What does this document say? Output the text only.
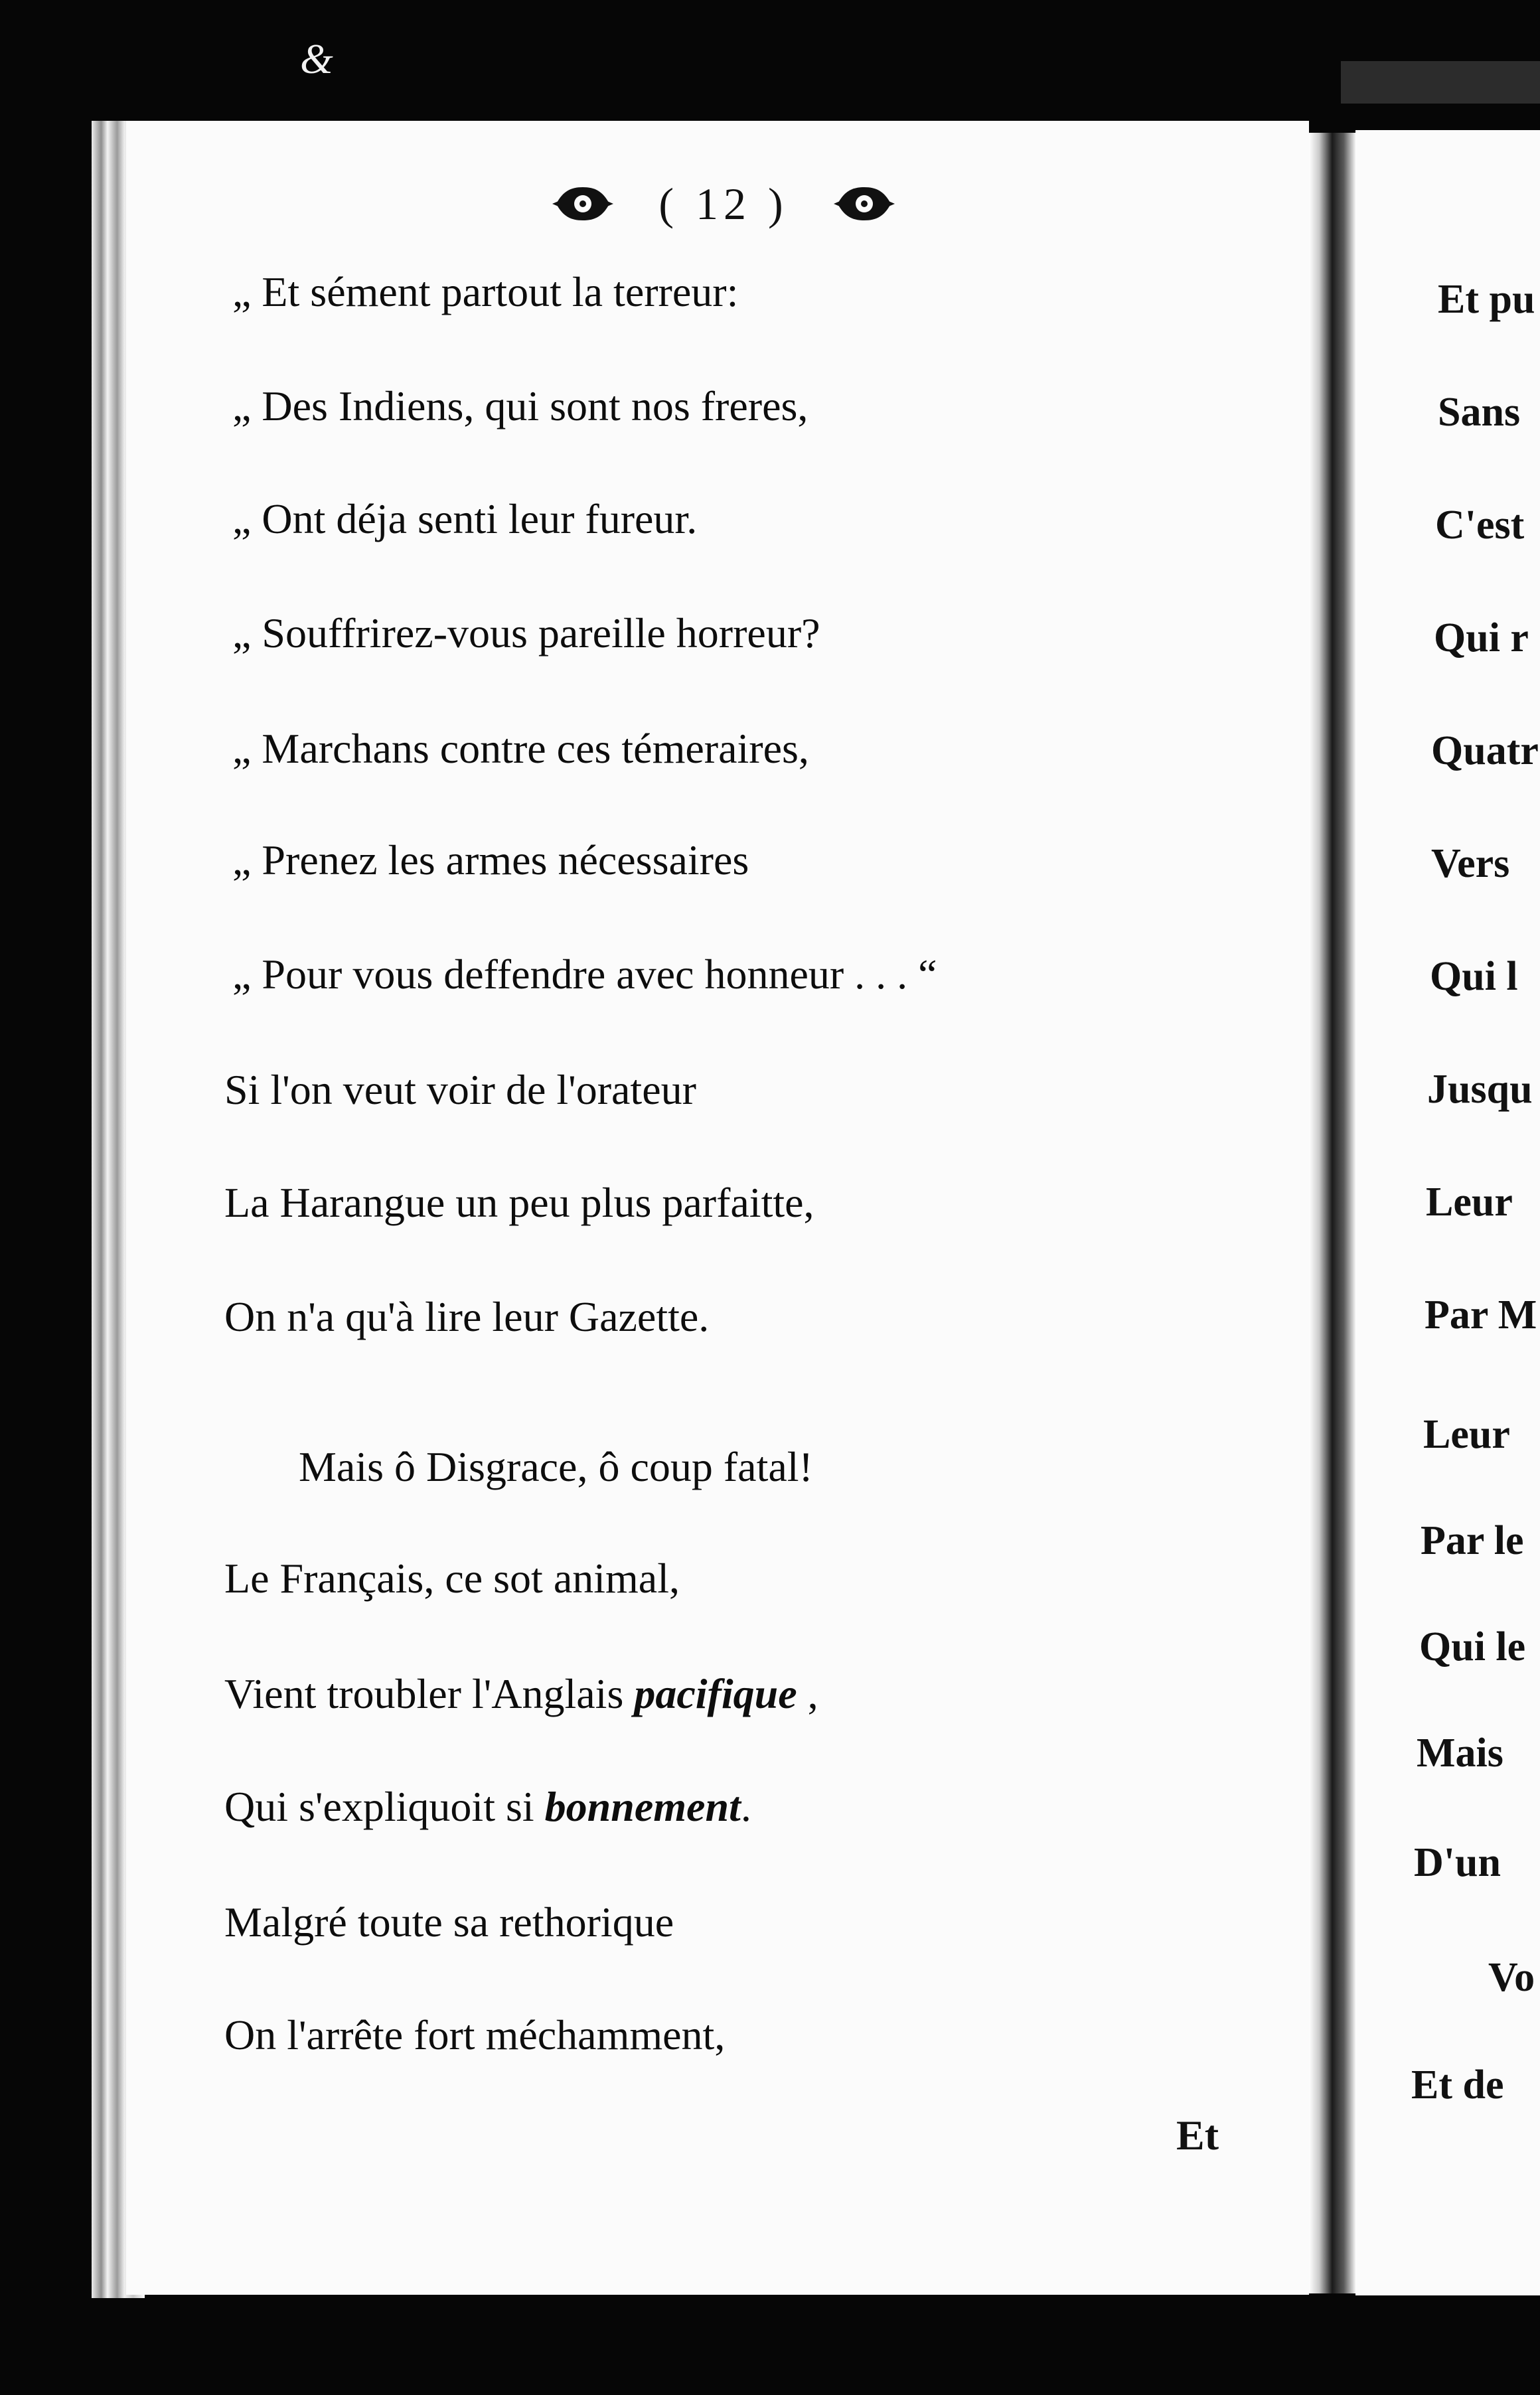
&
( 12 )
„ Et sément partout la terreur:
„ Des Indiens, qui sont nos freres,
„ Ont déja senti leur fureur.
„ Souffrirez-vous pareille horreur?
„ Marchans contre ces témeraires,
„ Prenez les armes nécessaires
„ Pour vous deffendre avec honneur . . . “
Si l'on veut voir de l'orateur
La Harangue un peu plus parfaitte,
On n'a qu'à lire leur Gazette.
Mais ô Disgrace, ô coup fatal!
Le Français, ce sot animal,
Vient troubler l'Anglais pacifique ,
Qui s'expliquoit si bonnement.
Malgré toute sa rethorique
On l'arrête fort méchamment,
Et
Et pu
Sans
C'est
Qui r
Quatr
Vers
Qui l
Jusqu
Leur
Par M
Leur
Par le
Qui le
Mais
D'un
Vo
Et de
